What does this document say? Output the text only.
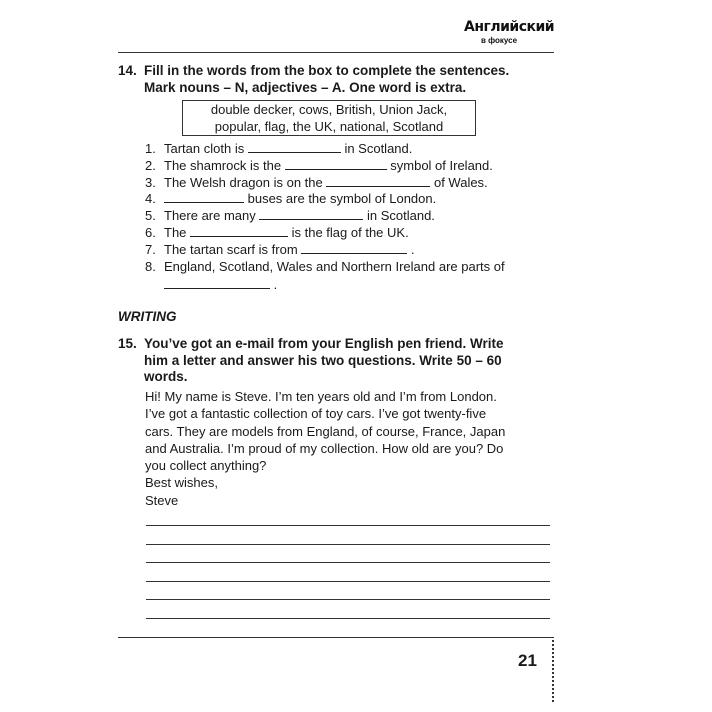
Английский
в фокусе
14. Fill in the words from the box to complete the sentences.
Mark nouns – N, adjectives – A. One word is extra.
double decker, cows, British, Union Jack,
popular, flag, the UK, national, Scotland
1. Tartan cloth is	in Scotland.
2. The shamrock is the	symbol of Ireland.
3. The Welsh dragon is on the	of Wales.
4.	buses are the symbol of London.
5. There are many	in Scotland.
6. The	is the flag of the UK.
7. The tartan scarf is from	.
8. England, Scotland, Wales and Northern Ireland are parts of
.
WRITING
15. You’ve got an e-mail from your English pen friend. Write
him a letter and answer his two questions. Write 50 – 60
words.

Hi! My name is Steve. I’m ten years old and I’m from London.

I’ve got a fantastic collection of toy cars. I’ve got twenty-five

cars. They are models from England, of course, France, Japan

and Australia. I’m proud of my collection. How old are you? Do

you collect anything?

Best wishes,

Steve

21
